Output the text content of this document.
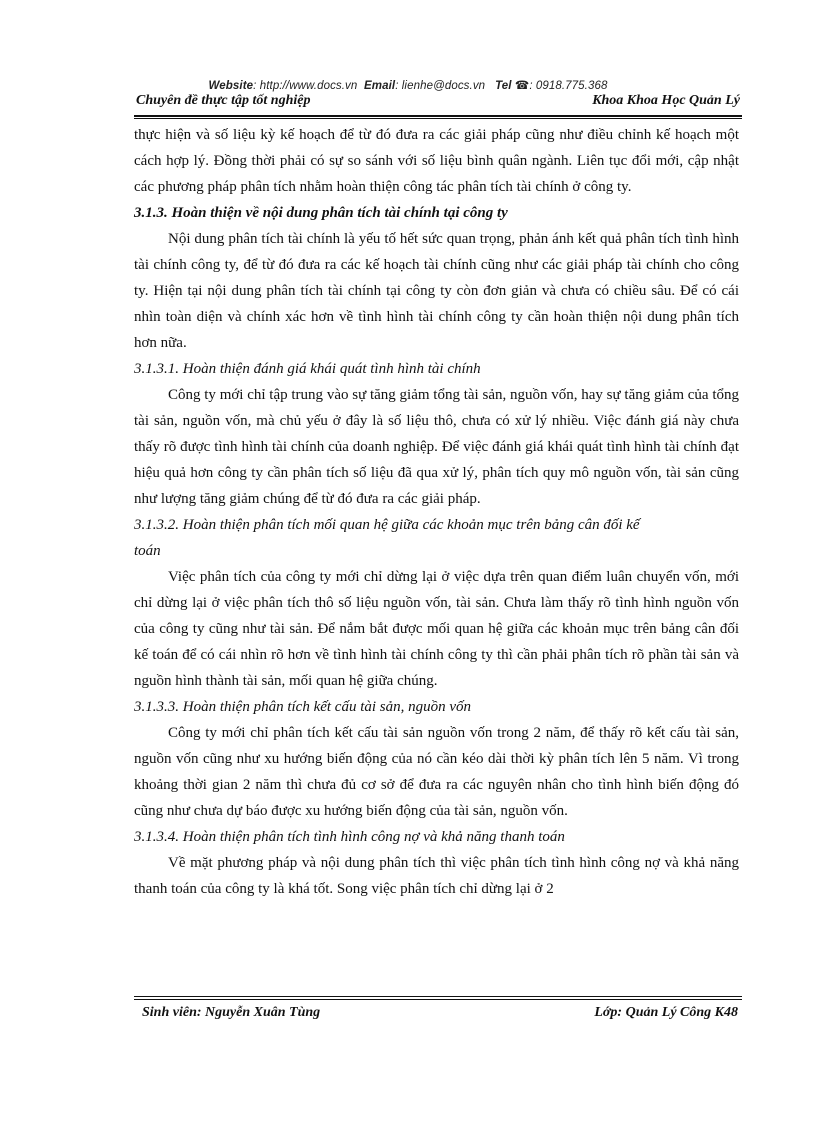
Website: http://www.docs.vn Email: lienhe@docs.vn Tel ☎: 0918.775.368
Chuyên đề thực tập tốt nghiệp	Khoa Khoa Học Quản Lý

thực hiện và số liệu kỳ kế hoạch để từ đó đưa ra các giải pháp cũng như điều chỉnh kế hoạch một cách hợp lý. Đồng thời phải có sự so sánh với số liệu bình quân ngành. Liên tục đổi mới, cập nhật các phương pháp phân tích nhằm hoàn thiện công tác phân tích tài chính ở công ty.

3.1.3. Hoàn thiện về nội dung phân tích tài chính tại công ty

Nội dung phân tích tài chính là yếu tố hết sức quan trọng, phản ánh kết quả phân tích tình hình tài chính công ty, để từ đó đưa ra các kế hoạch tài chính cũng như các giải pháp tài chính cho công ty. Hiện tại nội dung phân tích tài chính tại công ty còn đơn giản và chưa có chiều sâu. Để có cái nhìn toàn diện và chính xác hơn về tình hình tài chính công ty cần hoàn thiện nội dung phân tích hơn nữa.

3.1.3.1. Hoàn thiện đánh giá khái quát tình hình tài chính

Công ty mới chỉ tập trung vào sự tăng giảm tổng tài sản, nguồn vốn, hay sự tăng giảm của tổng tài sản, nguồn vốn, mà chủ yếu ở đây là số liệu thô, chưa có xử lý nhiều. Việc đánh giá này chưa thấy rõ được tình hình tài chính của doanh nghiệp. Để việc đánh giá khái quát tình hình tài chính đạt hiệu quả hơn công ty cần phân tích số liệu đã qua xử lý, phân tích quy mô nguồn vốn, tài sản cũng như lượng tăng giảm chúng để từ đó đưa ra các giải pháp.

3.1.3.2. Hoàn thiện phân tích mối quan hệ giữa các khoản mục trên bảng cân đối kế
toán

Việc phân tích của công ty mới chỉ dừng lại ở việc dựa trên quan điểm luân chuyển vốn, mới chỉ dừng lại ở việc phân tích thô số liệu nguồn vốn, tài sản. Chưa làm thấy rõ tình hình nguồn vốn của công ty cũng như tài sản. Để nắm bắt được mối quan hệ giữa các khoản mục trên bảng cân đối kế toán để có cái nhìn rõ hơn về tình hình tài chính công ty thì cần phải phân tích rõ phần tài sản và nguồn hình thành tài sản, mối quan hệ giữa chúng.

3.1.3.3. Hoàn thiện phân tích kết cấu tài sản, nguồn vốn

Công ty mới chỉ phân tích kết cấu tài sản nguồn vốn trong 2 năm, để thấy rõ kết cấu tài sản, nguồn vốn cũng như xu hướng biến động của nó cần kéo dài thời kỳ phân tích lên 5 năm. Vì trong khoảng thời gian 2 năm thì chưa đủ cơ sở để đưa ra các nguyên nhân cho tình hình biến động đó cũng như chưa dự báo được xu hướng biến động của tài sản, nguồn vốn.

3.1.3.4. Hoàn thiện phân tích tình hình công nợ và khả năng thanh toán

Về mặt phương pháp và nội dung phân tích thì việc phân tích tình hình công nợ và khả năng thanh toán của công ty là khá tốt. Song việc phân tích chỉ dừng lại ở 2

Sinh viên: Nguyễn Xuân Tùng	Lớp: Quản Lý Công K48
